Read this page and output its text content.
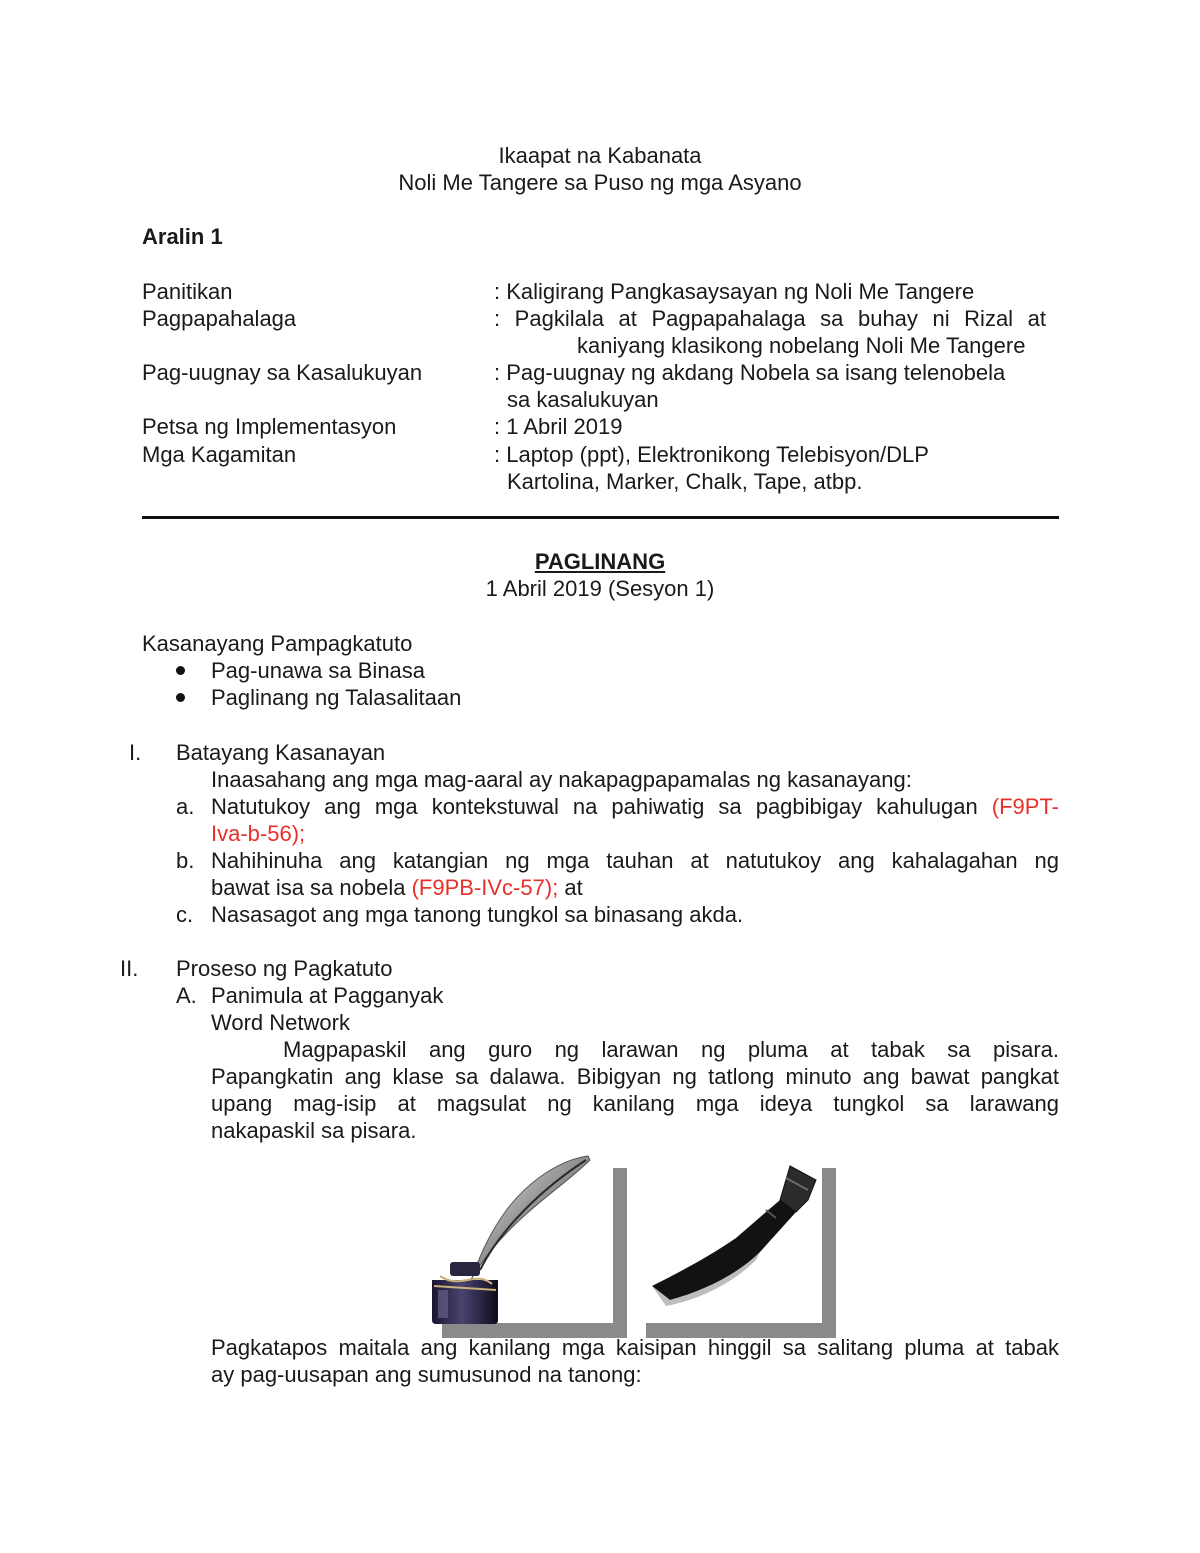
Ikaapat na Kabanata
Noli Me Tangere sa Puso ng mga Asyano
Aralin 1
Panitikan	: Kaligirang Pangkasaysayan ng Noli Me Tangere
Pagpapahalaga	: Pagkilala at Pagpapahalaga sa buhay ni Rizal at
kaniyang klasikong nobelang Noli Me Tangere
Pag-uugnay sa Kasalukuyan	: Pag-uugnay ng akdang Nobela sa isang telenobela
sa kasalukuyan
Petsa ng Implementasyon	: 1 Abril 2019
Mga Kagamitan	: Laptop (ppt), Elektronikong Telebisyon/DLP
Kartolina, Marker, Chalk, Tape, atbp.
PAGLINANG
1 Abril 2019 (Sesyon 1)
Kasanayang Pampagkatuto
Pag-unawa sa Binasa
Paglinang ng Talasalitaan
I. Batayang Kasanayan
Inaasahang ang mga mag-aaral ay nakapagpapamalas ng kasanayang:
a. Natutukoy ang mga kontekstuwal na pahiwatig sa pagbibigay kahulugan (F9PT-
Iva-b-56);
b. Nahihinuha ang katangian ng mga tauhan at natutukoy ang kahalagahan ng
bawat isa sa nobela (F9PB-IVc-57); at
c. Nasasagot ang mga tanong tungkol sa binasang akda.
II. Proseso ng Pagkatuto
A. Panimula at Pagganyak
Word Network
Magpapaskil ang guro ng larawan ng pluma at tabak sa pisara.
Papangkatin ang klase sa dalawa. Bibigyan ng tatlong minuto ang bawat pangkat
upang mag-isip at magsulat ng kanilang mga ideya tungkol sa larawang
nakapaskil sa pisara.
Pagkatapos maitala ang kanilang mga kaisipan hinggil sa salitang pluma at tabak
ay pag-uusapan ang sumusunod na tanong:
